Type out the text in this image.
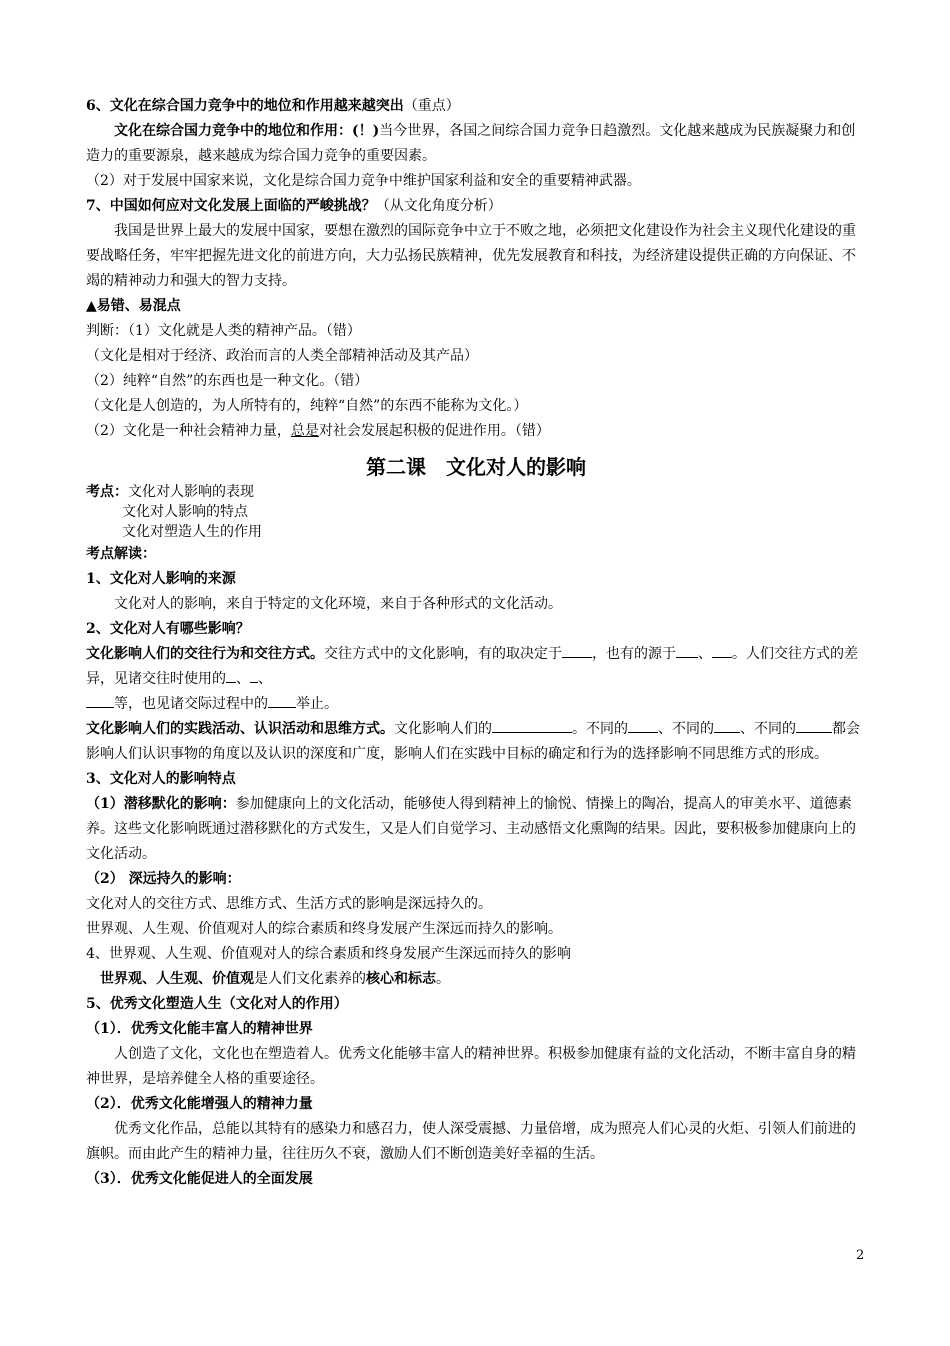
6、文化在综合国力竞争中的地位和作用越来越突出（重点）

文化在综合国力竞争中的地位和作用：(！)当今世界，各国之间综合国力竞争日趋激烈。文化越来越成为民族凝聚力和创造力的重要源泉，越来越成为综合国力竞争的重要因素。

（2）对于发展中国家来说，文化是综合国力竞争中维护国家利益和安全的重要精神武器。

7、中国如何应对文化发展上面临的严峻挑战？（从文化角度分析）

我国是世界上最大的发展中国家，要想在激烈的国际竞争中立于不败之地，必须把文化建设作为社会主义现代化建设的重要战略任务，牢牢把握先进文化的前进方向，大力弘扬民族精神，优先发展教育和科技，为经济建设提供正确的方向保证、不竭的精神动力和强大的智力支持。

▲易错、易混点

判断：（1）文化就是人类的精神产品。（错）

（文化是相对于经济、政治而言的人类全部精神活动及其产品）

（2）纯粹“自然”的东西也是一种文化。（错）

（文化是人创造的，为人所特有的，纯粹“自然”的东西不能称为文化。）

（2）文化是一种社会精神力量，总是对社会发展起积极的促进作用。（错）

第二课　文化对人的影响

考点：文化对人影响的表现

文化对人影响的特点

文化对塑造人生的作用

考点解读：

1、文化对人影响的来源

文化对人的影响，来自于特定的文化环境，来自于各种形式的文化活动。

2、文化对人有哪些影响？

文化影响人们的交往行为和交往方式。交往方式中的文化影响，有的取决定于 ，也有的源于 、 。人们交往方式的差异，见诸交往时使用的 、 、
等，也见诸交际过程中的 举止。

文化影响人们的实践活动、认识活动和思维方式。文化影响人们的	。不同的 、不同的 、不同的	都会影响人们认识事物的角度以及认识的深度和广度，影响人们在实践中目标的确定和行为的选择影响不同思维方式的形成。

3、文化对人的影响特点

（1）潜移默化的影响：参加健康向上的文化活动，能够使人得到精神上的愉悦、情操上的陶冶，提高人的审美水平、道德素养。这些文化影响既通过潜移默化的方式发生，又是人们自觉学习、主动感悟文化熏陶的结果。因此，要积极参加健康向上的文化活动。

（2） 深远持久的影响：

文化对人的交往方式、思维方式、生活方式的影响是深远持久的。

世界观、人生观、价值观对人的综合素质和终身发展产生深远而持久的影响。

4、世界观、人生观、价值观对人的综合素质和终身发展产生深远而持久的影响

世界观、人生观、价值观是人们文化素养的核心和标志。

5、优秀文化塑造人生（文化对人的作用）

（1）．优秀文化能丰富人的精神世界

人创造了文化，文化也在塑造着人。优秀文化能够丰富人的精神世界。积极参加健康有益的文化活动，不断丰富自身的精神世界，是培养健全人格的重要途径。

（2）．优秀文化能增强人的精神力量

优秀文化作品，总能以其特有的感染力和感召力，使人深受震撼、力量倍增，成为照亮人们心灵的火炬、引领人们前进的旗帜。而由此产生的精神力量，往往历久不衰，激励人们不断创造美好幸福的生活。

（3）．优秀文化能促进人的全面发展

2
